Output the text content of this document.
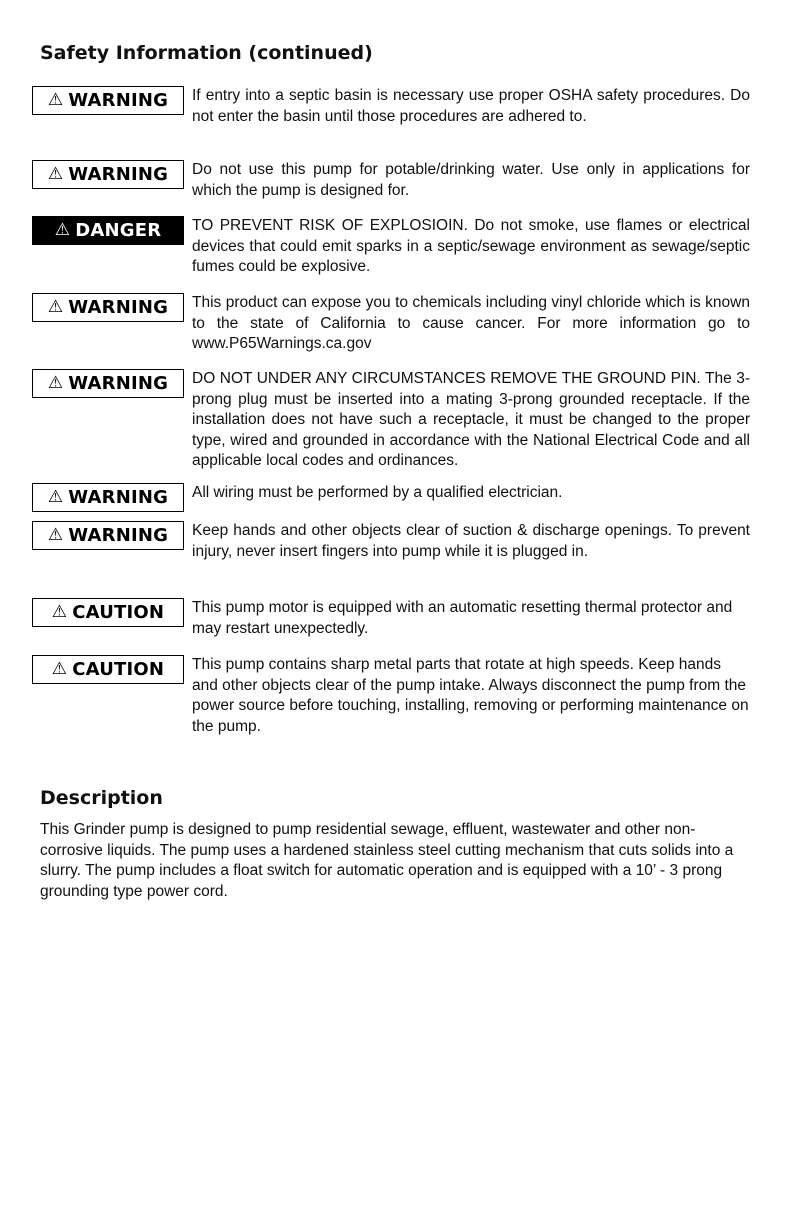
Safety Information (continued)
⚠ WARNING	If entry into a septic basin is necessary use proper OSHA safety procedures. Do not enter the basin until those procedures are adhered to.

⚠ WARNING	Do not use this pump for potable/drinking water. Use only in applications for which the pump is designed for.

⚠ DANGER	TO PREVENT RISK OF EXPLOSIOIN. Do not smoke, use flames or electrical devices that could emit sparks in a septic/sewage environment as sewage/septic fumes could be explosive.

⚠ WARNING	This product can expose you to chemicals including vinyl chloride which is known to the state of California to cause cancer. For more information go to www.P65Warnings.ca.gov

⚠ WARNING	DO NOT UNDER ANY CIRCUMSTANCES REMOVE THE GROUND PIN. The 3-prong plug must be inserted into a mating 3-prong grounded receptacle. If the installation does not have such a receptacle, it must be changed to the proper type, wired and grounded in accordance with the National Electrical Code and all applicable local codes and ordinances.

⚠ WARNING	All wiring must be performed by a qualified electrician.

⚠ WARNING	Keep hands and other objects clear of suction & discharge openings. To prevent injury, never insert fingers into pump while it is plugged in.

⚠ CAUTION	This pump motor is equipped with an automatic resetting thermal protector and may restart unexpectedly.

⚠ CAUTION	This pump contains sharp metal parts that rotate at high speeds. Keep hands and other objects clear of the pump intake. Always disconnect the pump from the power source before touching, installing, removing or performing maintenance on the pump.

Description

This Grinder pump is designed to pump residential sewage, effluent, wastewater and other non-corrosive liquids. The pump uses a hardened stainless steel cutting mechanism that cuts solids into a slurry. The pump includes a float switch for automatic operation and is equipped with a 10’ - 3 prong grounding type power cord.
